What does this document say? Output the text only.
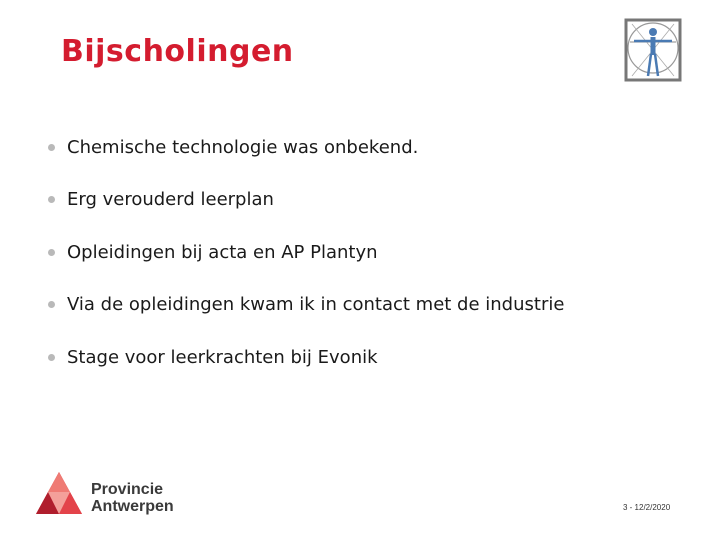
Bijscholingen
Chemische technologie was onbekend.
Erg verouderd leerplan
Opleidingen bij acta en AP Plantyn
Via de opleidingen kwam ik in contact met de industrie
Stage voor leerkrachten bij Evonik
Provincie
Antwerpen	3 - 12/2/2020
